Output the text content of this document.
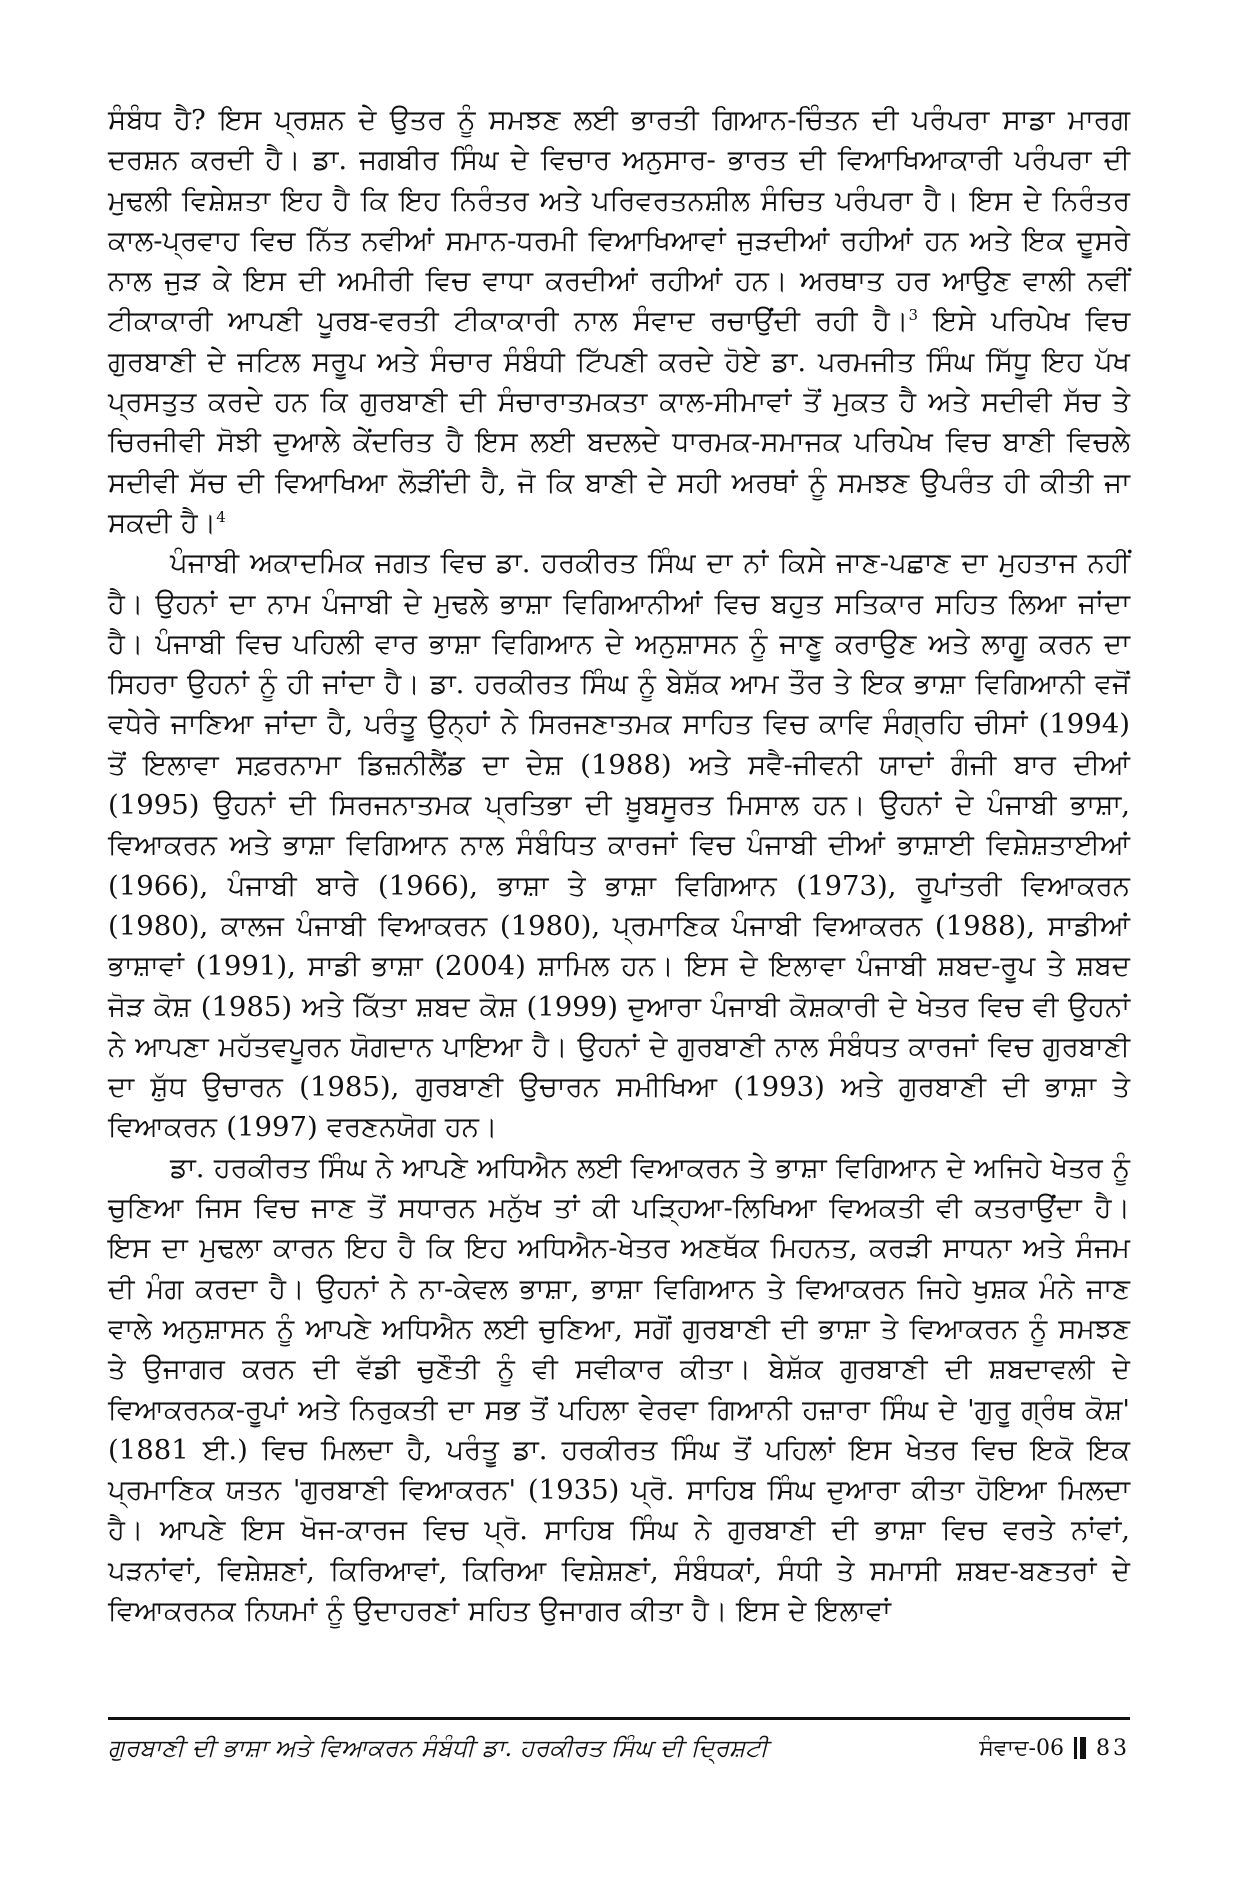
ਸੰਬੰਧ ਹੈ? ਇਸ ਪ੍ਰਸ਼ਨ ਦੇ ਉਤਰ ਨੂੰ ਸਮਝਣ ਲਈ ਭਾਰਤੀ ਗਿਆਨ-ਚਿੰਤਨ ਦੀ ਪਰੰਪਰਾ ਸਾਡਾ ਮਾਰਗ ਦਰਸ਼ਨ ਕਰਦੀ ਹੈ। ਡਾ. ਜਗਬੀਰ ਸਿੰਘ ਦੇ ਵਿਚਾਰ ਅਨੁਸਾਰ- ਭਾਰਤ ਦੀ ਵਿਆਖਿਆਕਾਰੀ ਪਰੰਪਰਾ ਦੀ ਮੁਢਲੀ ਵਿਸ਼ੇਸ਼ਤਾ ਇਹ ਹੈ ਕਿ ਇਹ ਨਿਰੰਤਰ ਅਤੇ ਪਰਿਵਰਤਨਸ਼ੀਲ ਸੰਚਿਤ ਪਰੰਪਰਾ ਹੈ। ਇਸ ਦੇ ਨਿਰੰਤਰ ਕਾਲ-ਪ੍ਰਵਾਹ ਵਿਚ ਨਿੱਤ ਨਵੀਆਂ ਸਮਾਨ-ਧਰਮੀ ਵਿਆਖਿਆਵਾਂ ਜੁੜਦੀਆਂ ਰਹੀਆਂ ਹਨ ਅਤੇ ਇਕ ਦੂਸਰੇ ਨਾਲ ਜੁੜ ਕੇ ਇਸ ਦੀ ਅਮੀਰੀ ਵਿਚ ਵਾਧਾ ਕਰਦੀਆਂ ਰਹੀਆਂ ਹਨ। ਅਰਥਾਤ ਹਰ ਆਉਣ ਵਾਲੀ ਨਵੀਂ ਟੀਕਾਕਾਰੀ ਆਪਣੀ ਪੂਰਬ-ਵਰਤੀ ਟੀਕਾਕਾਰੀ ਨਾਲ ਸੰਵਾਦ ਰਚਾਉਂਦੀ ਰਹੀ ਹੈ।$^3$ ਇਸੇ ਪਰਿਪੇਖ ਵਿਚ ਗੁਰਬਾਣੀ ਦੇ ਜਟਿਲ ਸਰੂਪ ਅਤੇ ਸੰਚਾਰ ਸੰਬੰਧੀ ਟਿੱਪਣੀ ਕਰਦੇ ਹੋਏ ਡਾ. ਪਰਮਜੀਤ ਸਿੰਘ ਸਿੱਧੂ ਇਹ ਪੱਖ ਪ੍ਰਸਤੁਤ ਕਰਦੇ ਹਨ ਕਿ ਗੁਰਬਾਣੀ ਦੀ ਸੰਚਾਰਾਤਮਕਤਾ ਕਾਲ-ਸੀਮਾਵਾਂ ਤੋਂ ਮੁਕਤ ਹੈ ਅਤੇ ਸਦੀਵੀ ਸੱਚ ਤੇ ਚਿਰਜੀਵੀ ਸੋਝੀ ਦੁਆਲੇ ਕੇਂਦਰਿਤ ਹੈ ਇਸ ਲਈ ਬਦਲਦੇ ਧਾਰਮਕ-ਸਮਾਜਕ ਪਰਿਪੇਖ ਵਿਚ ਬਾਣੀ ਵਿਚਲੇ ਸਦੀਵੀ ਸੱਚ ਦੀ ਵਿਆਖਿਆ ਲੋੜੀਂਦੀ ਹੈ, ਜੋ ਕਿ ਬਾਣੀ ਦੇ ਸਹੀ ਅਰਥਾਂ ਨੂੰ ਸਮਝਣ ਉਪਰੰਤ ਹੀ ਕੀਤੀ ਜਾ ਸਕਦੀ ਹੈ।$^4$

ਪੰਜਾਬੀ ਅਕਾਦਮਿਕ ਜਗਤ ਵਿਚ ਡਾ. ਹਰਕੀਰਤ ਸਿੰਘ ਦਾ ਨਾਂ ਕਿਸੇ ਜਾਣ-ਪਛਾਣ ਦਾ ਮੁਹਤਾਜ ਨਹੀਂ ਹੈ। ਉਹਨਾਂ ਦਾ ਨਾਮ ਪੰਜਾਬੀ ਦੇ ਮੁਢਲੇ ਭਾਸ਼ਾ ਵਿਗਿਆਨੀਆਂ ਵਿਚ ਬਹੁਤ ਸਤਿਕਾਰ ਸਹਿਤ ਲਿਆ ਜਾਂਦਾ ਹੈ। ਪੰਜਾਬੀ ਵਿਚ ਪਹਿਲੀ ਵਾਰ ਭਾਸ਼ਾ ਵਿਗਿਆਨ ਦੇ ਅਨੁਸ਼ਾਸਨ ਨੂੰ ਜਾਣੂ ਕਰਾਉਣ ਅਤੇ ਲਾਗੂ ਕਰਨ ਦਾ ਸਿਹਰਾ ਉਹਨਾਂ ਨੂੰ ਹੀ ਜਾਂਦਾ ਹੈ। ਡਾ. ਹਰਕੀਰਤ ਸਿੰਘ ਨੂੰ ਬੇਸ਼ੱਕ ਆਮ ਤੌਰ ਤੇ ਇਕ ਭਾਸ਼ਾ ਵਿਗਿਆਨੀ ਵਜੋਂ ਵਧੇਰੇ ਜਾਣਿਆ ਜਾਂਦਾ ਹੈ, ਪਰੰਤੂ ਉਨ੍ਹਾਂ ਨੇ ਸਿਰਜਣਾਤਮਕ ਸਾਹਿਤ ਵਿਚ ਕਾਵਿ ਸੰਗ੍ਰਹਿ ਚੀਸਾਂ (1994) ਤੋਂ ਇਲਾਵਾ ਸਫ਼ਰਨਾਮਾ ਡਿਜ਼ਨੀਲੈਂਡ ਦਾ ਦੇਸ਼ (1988) ਅਤੇ ਸਵੈ-ਜੀਵਨੀ ਯਾਦਾਂ ਗੰਜੀ ਬਾਰ ਦੀਆਂ (1995) ਉਹਨਾਂ ਦੀ ਸਿਰਜਨਾਤਮਕ ਪ੍ਰਤਿਭਾ ਦੀ ਖ਼ੂਬਸੂਰਤ ਮਿਸਾਲ ਹਨ। ਉਹਨਾਂ ਦੇ ਪੰਜਾਬੀ ਭਾਸ਼ਾ, ਵਿਆਕਰਨ ਅਤੇ ਭਾਸ਼ਾ ਵਿਗਿਆਨ ਨਾਲ ਸੰਬੰਧਿਤ ਕਾਰਜਾਂ ਵਿਚ ਪੰਜਾਬੀ ਦੀਆਂ ਭਾਸ਼ਾਈ ਵਿਸ਼ੇਸ਼ਤਾਈਆਂ (1966), ਪੰਜਾਬੀ ਬਾਰੇ (1966), ਭਾਸ਼ਾ ਤੇ ਭਾਸ਼ਾ ਵਿਗਿਆਨ (1973), ਰੂਪਾਂਤਰੀ ਵਿਆਕਰਨ (1980), ਕਾਲਜ ਪੰਜਾਬੀ ਵਿਆਕਰਨ (1980), ਪ੍ਰਮਾਣਿਕ ਪੰਜਾਬੀ ਵਿਆਕਰਨ (1988), ਸਾਡੀਆਂ ਭਾਸ਼ਾਵਾਂ (1991), ਸਾਡੀ ਭਾਸ਼ਾ (2004) ਸ਼ਾਮਿਲ ਹਨ। ਇਸ ਦੇ ਇਲਾਵਾ ਪੰਜਾਬੀ ਸ਼ਬਦ-ਰੂਪ ਤੇ ਸ਼ਬਦ ਜੋੜ ਕੋਸ਼ (1985) ਅਤੇ ਕਿੱਤਾ ਸ਼ਬਦ ਕੋਸ਼ (1999) ਦੁਆਰਾ ਪੰਜਾਬੀ ਕੋਸ਼ਕਾਰੀ ਦੇ ਖੇਤਰ ਵਿਚ ਵੀ ਉਹਨਾਂ ਨੇ ਆਪਣਾ ਮਹੱਤਵਪੂਰਨ ਯੋਗਦਾਨ ਪਾਇਆ ਹੈ। ਉਹਨਾਂ ਦੇ ਗੁਰਬਾਣੀ ਨਾਲ ਸੰਬੰਧਤ ਕਾਰਜਾਂ ਵਿਚ ਗੁਰਬਾਣੀ ਦਾ ਸ਼ੁੱਧ ਉਚਾਰਨ (1985), ਗੁਰਬਾਣੀ ਉਚਾਰਨ ਸਮੀਖਿਆ (1993) ਅਤੇ ਗੁਰਬਾਣੀ ਦੀ ਭਾਸ਼ਾ ਤੇ ਵਿਆਕਰਨ (1997) ਵਰਣਨਯੋਗ ਹਨ।

ਡਾ. ਹਰਕੀਰਤ ਸਿੰਘ ਨੇ ਆਪਣੇ ਅਧਿਐਨ ਲਈ ਵਿਆਕਰਨ ਤੇ ਭਾਸ਼ਾ ਵਿਗਿਆਨ ਦੇ ਅਜਿਹੇ ਖੇਤਰ ਨੂੰ ਚੁਣਿਆ ਜਿਸ ਵਿਚ ਜਾਣ ਤੋਂ ਸਧਾਰਨ ਮਨੁੱਖ ਤਾਂ ਕੀ ਪੜ੍ਹਿਆ-ਲਿਖਿਆ ਵਿਅਕਤੀ ਵੀ ਕਤਰਾਉਂਦਾ ਹੈ। ਇਸ ਦਾ ਮੁਢਲਾ ਕਾਰਨ ਇਹ ਹੈ ਕਿ ਇਹ ਅਧਿਐਨ-ਖੇਤਰ ਅਣਥੱਕ ਮਿਹਨਤ, ਕਰੜੀ ਸਾਧਨਾ ਅਤੇ ਸੰਜਮ ਦੀ ਮੰਗ ਕਰਦਾ ਹੈ। ਉਹਨਾਂ ਨੇ ਨਾ-ਕੇਵਲ ਭਾਸ਼ਾ, ਭਾਸ਼ਾ ਵਿਗਿਆਨ ਤੇ ਵਿਆਕਰਨ ਜਿਹੇ ਖੁਸ਼ਕ ਮੰਨੇ ਜਾਣ ਵਾਲੇ ਅਨੁਸ਼ਾਸਨ ਨੂੰ ਆਪਣੇ ਅਧਿਐਨ ਲਈ ਚੁਣਿਆ, ਸਗੋਂ ਗੁਰਬਾਣੀ ਦੀ ਭਾਸ਼ਾ ਤੇ ਵਿਆਕਰਨ ਨੂੰ ਸਮਝਣ ਤੇ ਉਜਾਗਰ ਕਰਨ ਦੀ ਵੱਡੀ ਚੁਣੌਤੀ ਨੂੰ ਵੀ ਸਵੀਕਾਰ ਕੀਤਾ। ਬੇਸ਼ੱਕ ਗੁਰਬਾਣੀ ਦੀ ਸ਼ਬਦਾਵਲੀ ਦੇ ਵਿਆਕਰਨਕ-ਰੂਪਾਂ ਅਤੇ ਨਿਰੁਕਤੀ ਦਾ ਸਭ ਤੋਂ ਪਹਿਲਾ ਵੇਰਵਾ ਗਿਆਨੀ ਹਜ਼ਾਰਾ ਸਿੰਘ ਦੇ 'ਗੁਰੂ ਗ੍ਰੰਥ ਕੋਸ਼' (1881 ਈ.) ਵਿਚ ਮਿਲਦਾ ਹੈ, ਪਰੰਤੂ ਡਾ. ਹਰਕੀਰਤ ਸਿੰਘ ਤੋਂ ਪਹਿਲਾਂ ਇਸ ਖੇਤਰ ਵਿਚ ਇਕੋ ਇਕ ਪ੍ਰਮਾਣਿਕ ਯਤਨ 'ਗੁਰਬਾਣੀ ਵਿਆਕਰਨ' (1935) ਪ੍ਰੋ. ਸਾਹਿਬ ਸਿੰਘ ਦੁਆਰਾ ਕੀਤਾ ਹੋਇਆ ਮਿਲਦਾ ਹੈ। ਆਪਣੇ ਇਸ ਖੋਜ-ਕਾਰਜ ਵਿਚ ਪ੍ਰੋ. ਸਾਹਿਬ ਸਿੰਘ ਨੇ ਗੁਰਬਾਣੀ ਦੀ ਭਾਸ਼ਾ ਵਿਚ ਵਰਤੇ ਨਾਂਵਾਂ, ਪੜਨਾਂਵਾਂ, ਵਿਸ਼ੇਸ਼ਣਾਂ, ਕਿਰਿਆਵਾਂ, ਕਿਰਿਆ ਵਿਸ਼ੇਸ਼ਣਾਂ, ਸੰਬੰਧਕਾਂ, ਸੰਧੀ ਤੇ ਸਮਾਸੀ ਸ਼ਬਦ-ਬਣਤਰਾਂ ਦੇ ਵਿਆਕਰਨਕ ਨਿਯਮਾਂ ਨੂੰ ਉਦਾਹਰਣਾਂ ਸਹਿਤ ਉਜਾਗਰ ਕੀਤਾ ਹੈ। ਇਸ ਦੇ ਇਲਾਵਾਂ

ਗੁਰਬਾਣੀ ਦੀ ਭਾਸ਼ਾ ਅਤੇ ਵਿਆਕਰਨ ਸੰਬੰਧੀ ਡਾ. ਹਰਕੀਰਤ ਸਿੰਘ ਦੀ ਦ੍ਰਿਸ਼ਟੀ	ਸੰਵਾਦ-06 83
